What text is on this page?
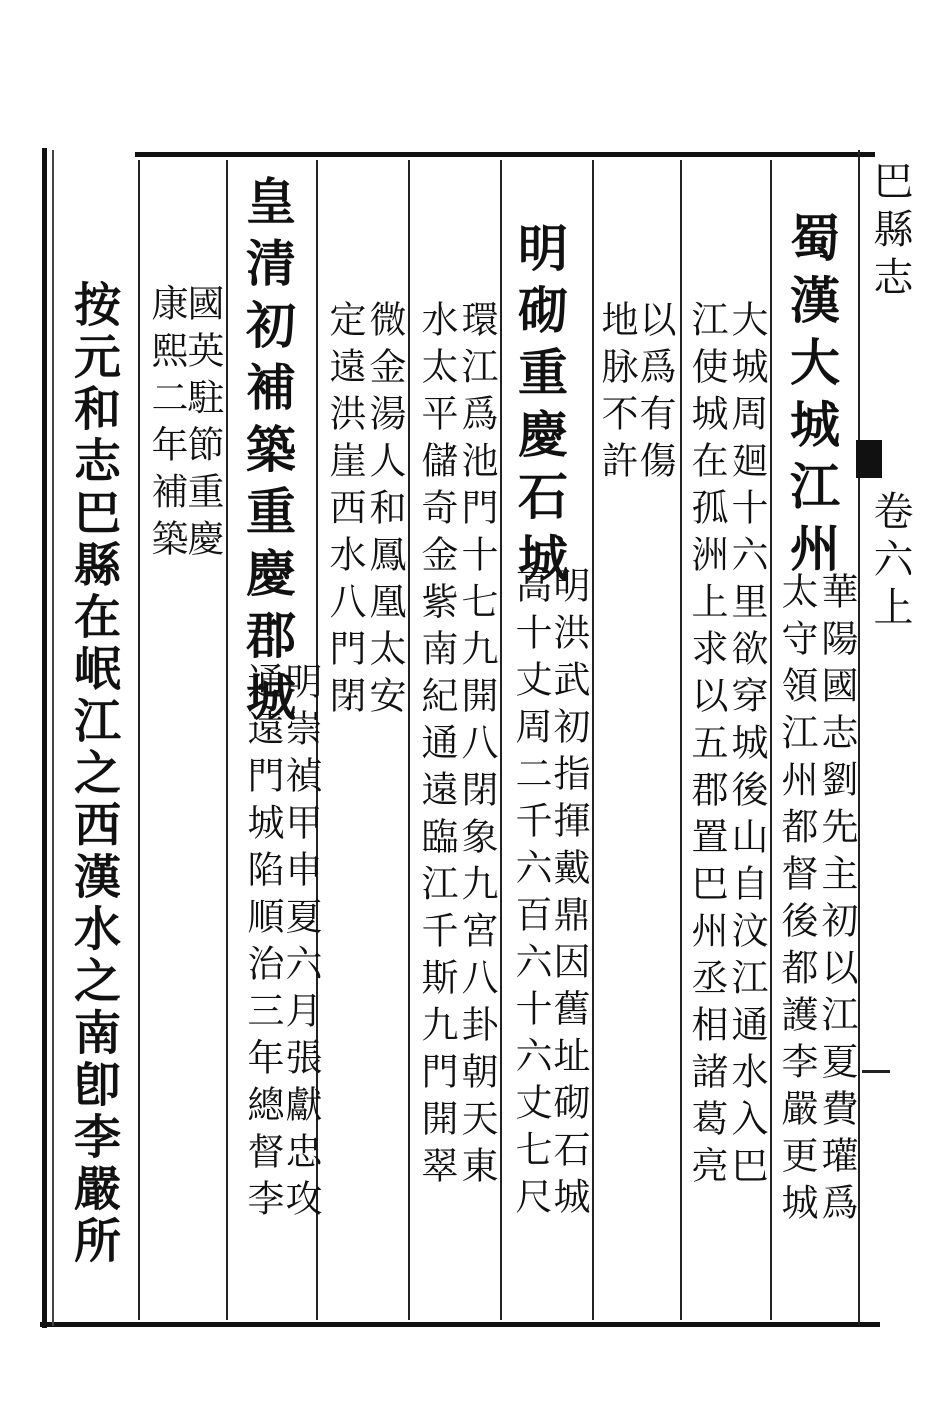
巴縣志
卷六上
蜀漢大城江州
華陽國志劉先主初以江夏費瓘爲
太守領江州都督後都護李嚴更城
大城周廻十六里欲穿城後山自汶江通水入巴
江使城在孤洲上求以五郡置巴州丞相諸葛亮
以爲有傷
地脉不許
明砌重慶石城
明洪武初指揮戴鼎因舊址砌石城
高十丈周二千六百六十六丈七尺
環江爲池門十七九開八閉象九宮八卦朝天東
水太平儲奇金紫南紀通遠臨江千斯九門開翠
微金湯人和鳳凰太安
定遠洪崖西水八門閉
皇清初補築重慶郡城
明崇禎甲申夏六月張獻忠攻
通遠門城陷順治三年總督李
國英駐節重慶
康熙二年補築
按元和志巴縣在岷江之西漢水之南卽李嚴所
